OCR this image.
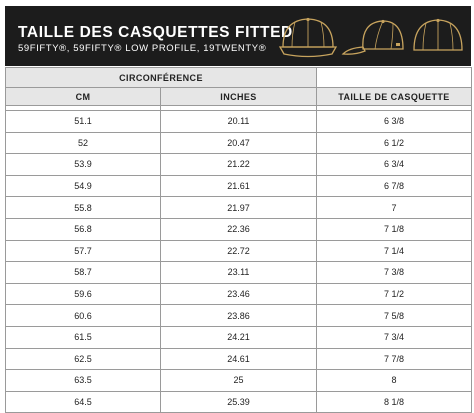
TAILLE DES CASQUETTES FITTED
59FIFTY®, 59FIFTY® LOW PROFILE, 19TWENTY®
CIRCONFÉRENCE		
CM	INCHES	TAILLE DE CASQUETTE

51.1	20.11	6 3/8
52	20.47	6 1/2
53.9	21.22	6 3/4
54.9	21.61	6 7/8
55.8	21.97	7
56.8	22.36	7 1/8
57.7	22.72	7 1/4
58.7	23.11	7 3/8
59.6	23.46	7 1/2
60.6	23.86	7 5/8
61.5	24.21	7 3/4
62.5	24.61	7 7/8
63.5	25	8
64.5	25.39	8 1/8
